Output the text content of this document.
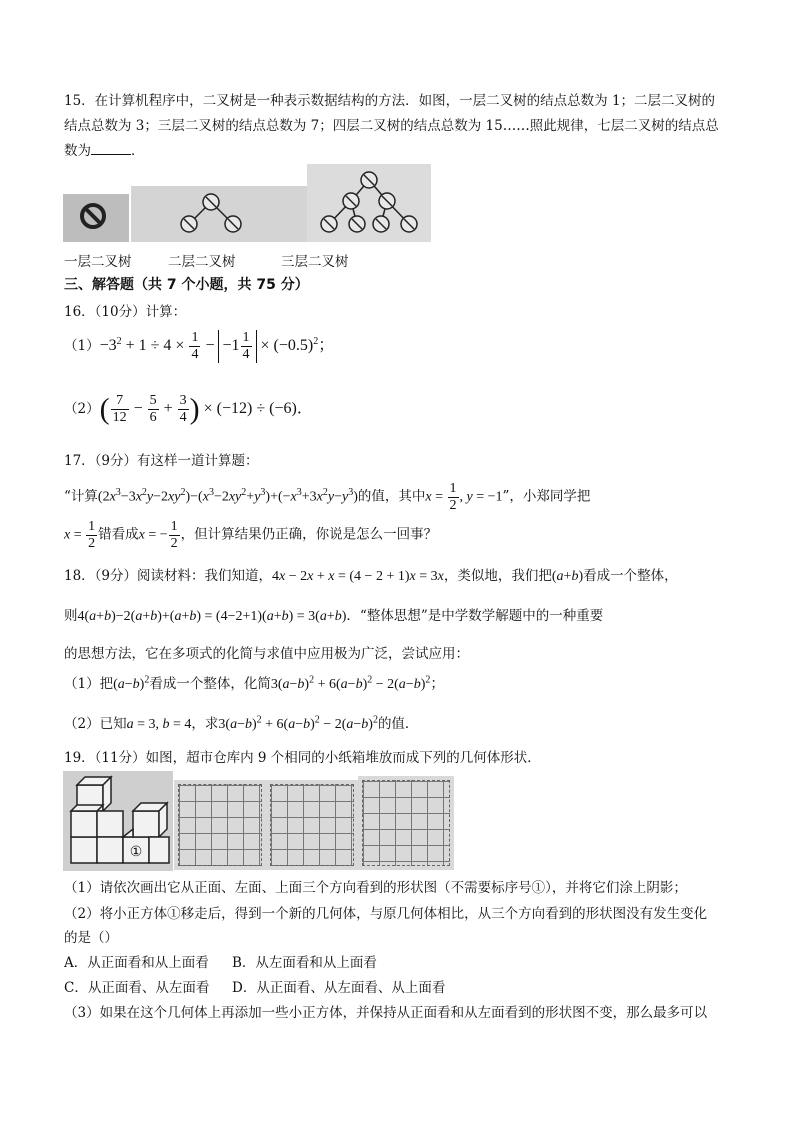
15．在计算机程序中，二叉树是一种表示数据结构的方法．如图，一层二叉树的结点总数为 1；二层二叉树的
结点总数为 3；三层二叉树的结点总数为 7；四层二叉树的结点总数为 15……照此规律，七层二叉树的结点总
数为	．
一层二叉树	二层二叉树	三层二叉树
三、解答题（共 7 个小题，共 75 分）
16．（10分）计算：
$(1)-3^2 + 1 \div 4 \times \frac{1}{4} - -1 \frac{1}{4} \times (-0.5)^2$；
$(2)( \frac{7}{12} - \frac{5}{6} + \frac{3}{4}$ ) × (−12) ÷ (−6)．
17．（9分）有这样一道计算题：
“计算$(2x^3-3x^2y-2xy^2)-(x^3-2xy^2+y^3)+(-x^3+3x^2y-y^3)$的值，其中$x = \frac{1}{2}$ , y = −1”，小郑同学把
$x = \frac{1}{2}$ 错看成x = − $\frac{1}{2}$ ，但计算结果仍正确，你说是怎么一回事？
18．（9分）阅读材料：我们知道，4x − 2x + x = (4 − 2 + 1)x = 3x，类似地，我们把(a+b)看成一个整体，
则4(a+b)−2(a+b)+(a+b) = (4−2+1)(a+b) = 3(a+b)．“整体思想”是中学数学解题中的一种重要
的思想方法，它在多项式的化简与求值中应用极为广泛，尝试应用：
（1）把$(a-b)^2$看成一个整体，化简$3(a-b)^2 + 6(a-b)^2 - 2(a-b)^2$；
（2）已知a = 3, b = 4，求$3(a-b)^2 + 6(a-b)^2 - 2(a-b)^2$的值．
19．（11分）如图，超市仓库内 9 个相同的小纸箱堆放而成下列的几何体形状．
①
（1）请依次画出它从正面、左面、上面三个方向看到的形状图（不需要标序号①），并将它们涂上阴影；
（2）将小正方体①移走后，得到一个新的几何体，与原几何体相比，从三个方向看到的形状图没有发生变化
的是（）
A．从正面看和从上面看 B．从左面看和从上面看
C．从正面看、从左面看 D．从正面看、从左面看、从上面看
（3）如果在这个几何体上再添加一些小正方体，并保持从正面看和从左面看到的形状图不变，那么最多可以
